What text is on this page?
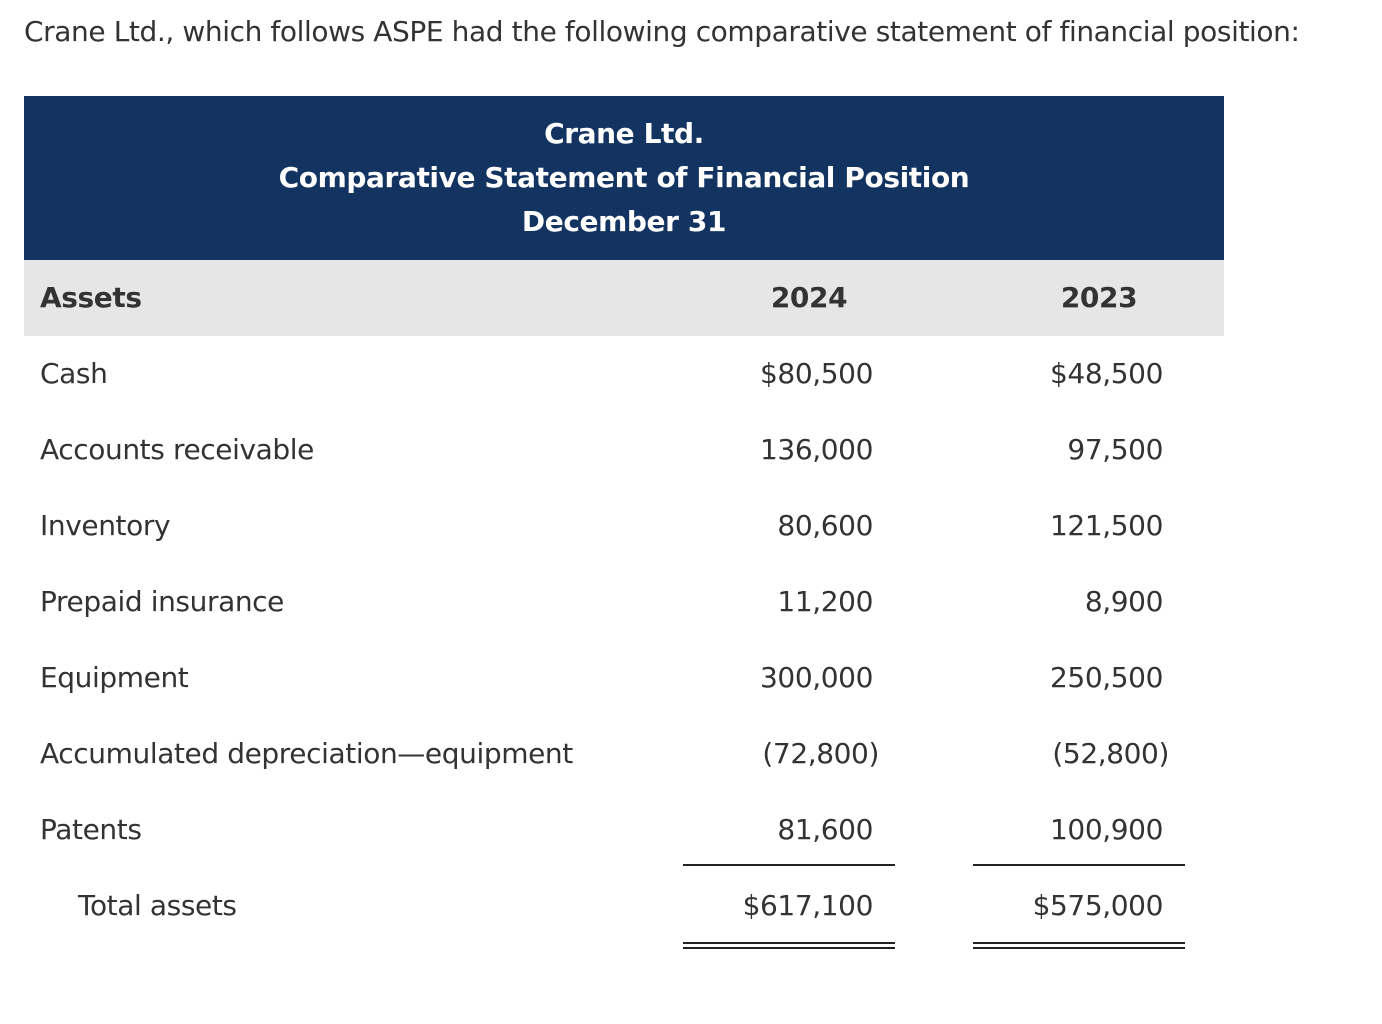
Crane Ltd., which follows ASPE had the following comparative statement of financial position:
Crane Ltd.
Comparative Statement of Financial Position
December 31
Assets	2024	2023
Cash	$80,500	$48,500
Accounts receivable	136,000	97,500
Inventory	80,600	121,500
Prepaid insurance	11,200	8,900
Equipment	300,000	250,500
Accumulated depreciation—equipment	(72,800)	(52,800)
Patents	81,600	100,900
Total assets	$617,100	$575,000
